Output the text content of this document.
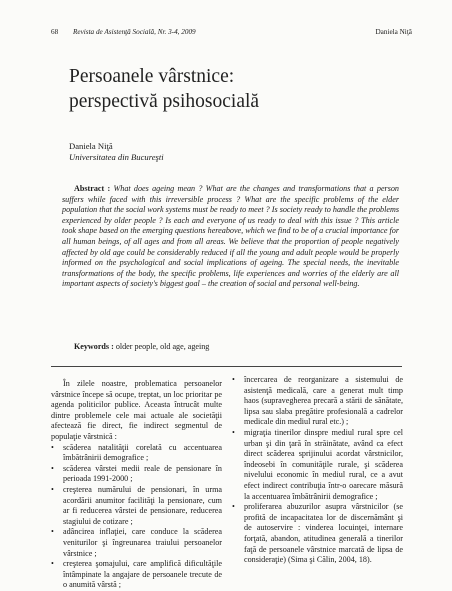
68 Revista de Asistenţă Socială, Nr. 3-4, 2009	Daniela Niţă
Persoanele vârstnice:
perspectivă psihosocială
Daniela Niţă
Universitatea din Bucureşti
Abstract : What does ageing mean ? What are the changes and transformations that a person suffers while faced with this irreversible process ? What are the specific problems of the elder population that the social work systems must be ready to meet ? Is society ready to handle the problems experienced by older people ? Is each and everyone of us ready to deal with this issue ? This article took shape based on the emerging questions hereabove, which we find to be of a crucial importance for all human beings, of all ages and from all areas. We believe that the proportion of people negatively affected by old age could be considerably reduced if all the young and adult people would be properly informed on the psychological and social implications of ageing. The special needs, the inevitable transformations of the body, the specific problems, life experiences and worries of the elderly are all important aspects of society's biggest goal – the creation of social and personal well-being.
Keywords : older people, old age, ageing

În zilele noastre, problematica persoanelor vârstnice începe să ocupe, treptat, un loc prioritar pe agenda politicilor publice. Aceasta întrucât multe dintre problemele cele mai actuale ale societăţii afectează fie direct, fie indirect segmentul de populaţie vârstnică :

• scăderea natalităţii corelată cu accentuarea îmbătrânirii demografice ;
• scăderea vârstei medii reale de pensionare în perioada 1991-2000 ;
• creşterea numărului de pensionari, în urma acordării anumitor facilităţi la pensionare, cum ar fi reducerea vârstei de pensionare, reducerea stagiului de cotizare ;
• adâncirea inflaţiei, care conduce la scăderea veniturilor şi îngreunarea traiului persoanelor vârstnice ;
• creşterea şomajului, care amplifică dificultăţile întâmpinate la angajare de persoanele trecute de o anumită vârstă ;
• încercarea de reorganizare a sistemului de asistenţă medicală, care a generat mult timp haos (supravegherea precară a stării de sănătate, lipsa sau slaba pregătire profesională a cadrelor medicale din mediul rural etc.) ;
• migraţia tinerilor dinspre mediul rural spre cel urban şi din ţară în străinătate, având ca efect direct scăderea sprijinului acordat vârstnicilor, îndeosebi în comunităţile rurale, şi scăderea nivelului economic în mediul rural, ce a avut efect indirect contribuţia într-o oarecare măsură la accentuarea îmbătrânirii demografice ;
• proliferarea abuzurilor asupra vârstnicilor (se profită de incapacitatea lor de discernământ şi de autoservire : vinderea locuinţei, internare forţată, abandon, atitudinea generală a tinerilor faţă de persoanele vârstnice marcată de lipsa de consideraţie) (Sima şi Călin, 2004, 18).
